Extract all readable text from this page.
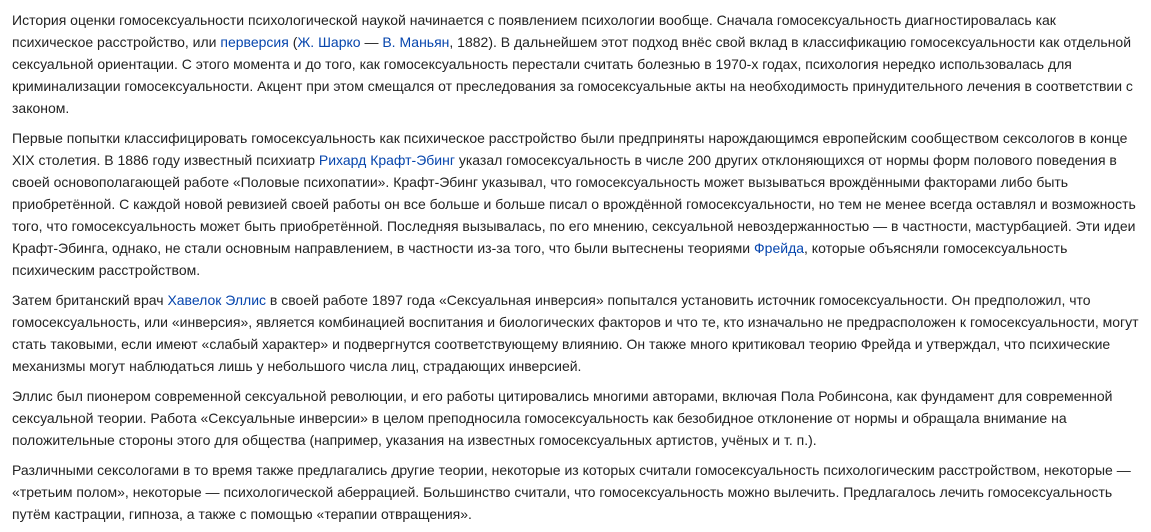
История оценки гомосексуальности психологической наукой начинается с появлением психологии вообще. Сначала гомосексуальность диагностировалась как психическое расстройство, или перверсия (Ж. Шарко — В. Маньян, 1882). В дальнейшем этот подход внёс свой вклад в классификацию гомосексуальности как отдельной сексуальной ориентации. С этого момента и до того, как гомосексуальность перестали считать болезнью в 1970-х годах, психология нередко использовалась для криминализации гомосексуальности. Акцент при этом смещался от преследования за гомосексуальные акты на необходимость принудительного лечения в соответствии с законом.

Первые попытки классифицировать гомосексуальность как психическое расстройство были предприняты нарождающимся европейским сообществом сексологов в конце XIX столетия. В 1886 году известный психиатр Рихард Крафт-Эбинг указал гомосексуальность в числе 200 других отклоняющихся от нормы форм полового поведения в своей основополагающей работе «Половые психопатии». Крафт-Эбинг указывал, что гомосексуальность может вызываться врождёнными факторами либо быть приобретённой. С каждой новой ревизией своей работы он все больше и больше писал о врождённой гомосексуальности, но тем не менее всегда оставлял и возможность того, что гомосексуальность может быть приобретённой. Последняя вызывалась, по его мнению, сексуальной невоздержанностью — в частности, мастурбацией. Эти идеи Крафт-Эбинга, однако, не стали основным направлением, в частности из-за того, что были вытеснены теориями Фрейда, которые объясняли гомосексуальность психическим расстройством.

Затем британский врач Хавелок Эллис в своей работе 1897 года «Сексуальная инверсия» попытался установить источник гомосексуальности. Он предположил, что гомосексуальность, или «инверсия», является комбинацией воспитания и биологических факторов и что те, кто изначально не предрасположен к гомосексуальности, могут стать таковыми, если имеют «слабый характер» и подвергнутся соответствующему влиянию. Он также много критиковал теорию Фрейда и утверждал, что психические механизмы могут наблюдаться лишь у небольшого числа лиц, страдающих инверсией.

Эллис был пионером современной сексуальной революции, и его работы цитировались многими авторами, включая Пола Робинсона, как фундамент для современной сексуальной теории. Работа «Сексуальные инверсии» в целом преподносила гомосексуальность как безобидное отклонение от нормы и обращала внимание на положительные стороны этого для общества (например, указания на известных гомосексуальных артистов, учёных и т. п.).

Различными сексологами в то время также предлагались другие теории, некоторые из которых считали гомосексуальность психологическим расстройством, некоторые — «третьим полом», некоторые — психологической аберрацией. Большинство считали, что гомосексуальность можно вылечить. Предлагалось лечить гомосексуальность путём кастрации, гипноза, а также с помощью «терапии отвращения».
